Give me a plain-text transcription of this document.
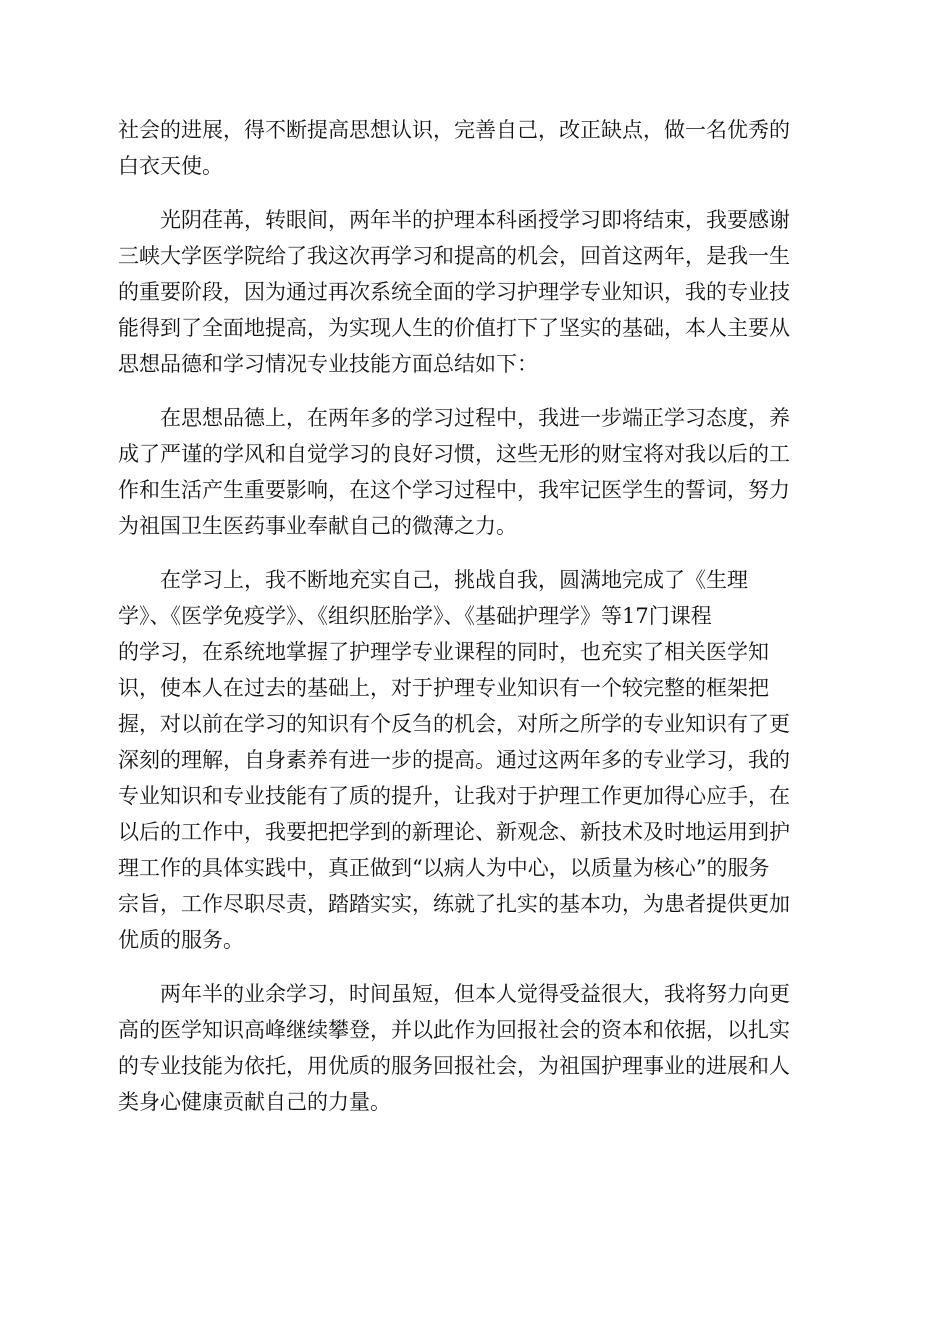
社会的进展，得不断提高思想认识，完善自己，改正缺点，做一名优秀的
白衣天使。
光阴荏苒，转眼间，两年半的护理本科函授学习即将结束，我要感谢
三峡大学医学院给了我这次再学习和提高的机会，回首这两年，是我一生
的重要阶段，因为通过再次系统全面的学习护理学专业知识，我的专业技
能得到了全面地提高，为实现人生的价值打下了坚实的基础，本人主要从
思想品德和学习情况专业技能方面总结如下：
在思想品德上，在两年多的学习过程中，我进一步端正学习态度，养
成了严谨的学风和自觉学习的良好习惯，这些无形的财宝将对我以后的工
作和生活产生重要影响，在这个学习过程中，我牢记医学生的誓词，努力
为祖国卫生医药事业奉献自己的微薄之力。
在学习上，我不断地充实自己，挑战自我，圆满地完成了《生理
学》、《医学免疫学》、《组织胚胎学》、《基础护理学》等17门课程
的学习，在系统地掌握了护理学专业课程的同时，也充实了相关医学知
识，使本人在过去的基础上，对于护理专业知识有一个较完整的框架把
握，对以前在学习的知识有个反刍的机会，对所之所学的专业知识有了更
深刻的理解，自身素养有进一步的提高。通过这两年多的专业学习，我的
专业知识和专业技能有了质的提升，让我对于护理工作更加得心应手，在
以后的工作中，我要把把学到的新理论、新观念、新技术及时地运用到护
理工作的具体实践中，真正做到“以病人为中心，以质量为核心”的服务
宗旨，工作尽职尽责，踏踏实实，练就了扎实的基本功，为患者提供更加
优质的服务。
两年半的业余学习，时间虽短，但本人觉得受益很大，我将努力向更
高的医学知识高峰继续攀登，并以此作为回报社会的资本和依据，以扎实
的专业技能为依托，用优质的服务回报社会，为祖国护理事业的进展和人
类身心健康贡献自己的力量。
